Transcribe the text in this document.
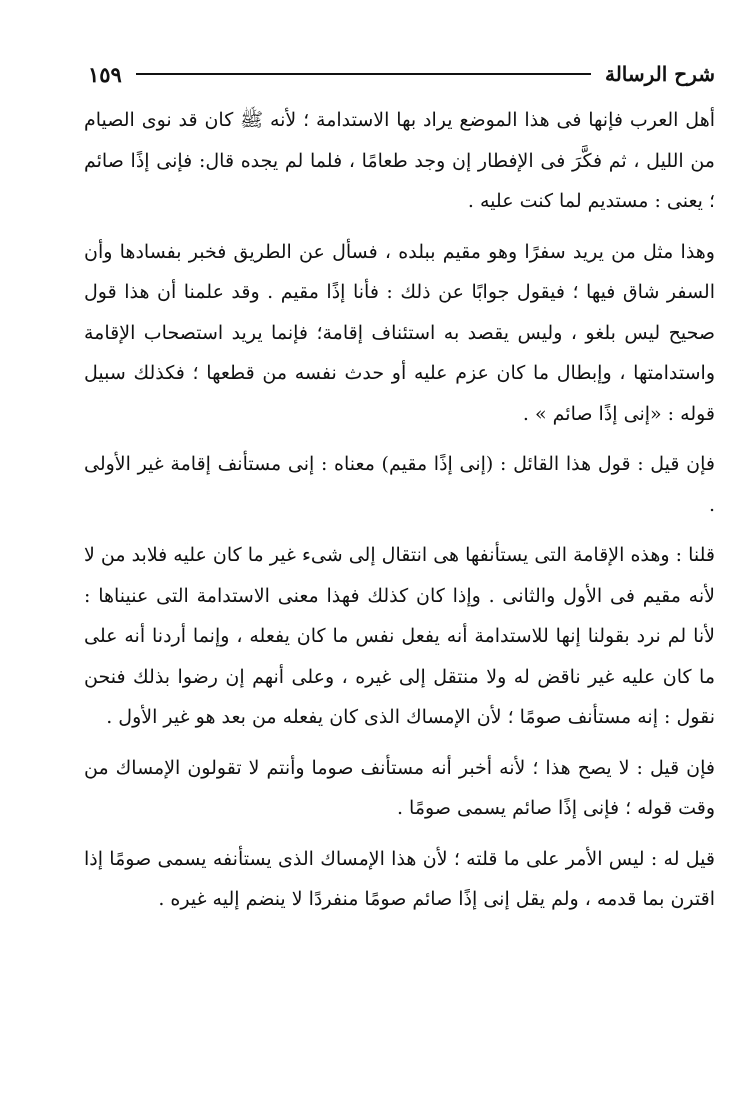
شرح الرسالة
١٥٩

أهل العرب فإنها فى هذا الموضع يراد بها الاستدامة ؛ لأنه ﷺ كان قد نوى الصيام من الليل ، ثم فكَّرَ فى الإفطار إن وجد طعامًا ، فلما لم يجده قال: فإنى إذًا صائم ؛ يعنى : مستديم لما كنت عليه .

وهذا مثل من يريد سفرًا وهو مقيم ببلده ، فسأل عن الطريق فخبر بفسادها وأن السفر شاق فيها ؛ فيقول جوابًا عن ذلك : فأنا إذًا مقيم . وقد علمنا أن هذا قول صحيح ليس بلغو ، وليس يقصد به استئناف إقامة؛ فإنما يريد استصحاب الإقامة واستدامتها ، وإبطال ما كان عزم عليه أو حدث نفسه من قطعها ؛ فكذلك سبيل قوله : «إنى إذًا صائم » .

فإن قيل : قول هذا القائل : (إنى إذًا مقيم) معناه : إنى مستأنف إقامة غير الأولى .

قلنا : وهذه الإقامة التى يستأنفها هى انتقال إلى شىء غير ما كان عليه فلابد من لا لأنه مقيم فى الأول والثانى . وإذا كان كذلك فهذا معنى الاستدامة التى عنيناها : لأنا لم نرد بقولنا إنها للاستدامة أنه يفعل نفس ما كان يفعله ، وإنما أردنا أنه على ما كان عليه غير ناقض له ولا منتقل إلى غيره ، وعلى أنهم إن رضوا بذلك فنحن نقول : إنه مستأنف صومًا ؛ لأن الإمساك الذى كان يفعله من بعد هو غير الأول .

فإن قيل : لا يصح هذا ؛ لأنه أخبر أنه مستأنف صوما وأنتم لا تقولون الإمساك من وقت قوله ؛ فإنى إذًا صائم يسمى صومًا .

قيل له : ليس الأمر على ما قلته ؛ لأن هذا الإمساك الذى يستأنفه يسمى صومًا إذا اقترن بما قدمه ، ولم يقل إنى إذًا صائم صومًا منفردًا لا ينضم إليه غيره .
